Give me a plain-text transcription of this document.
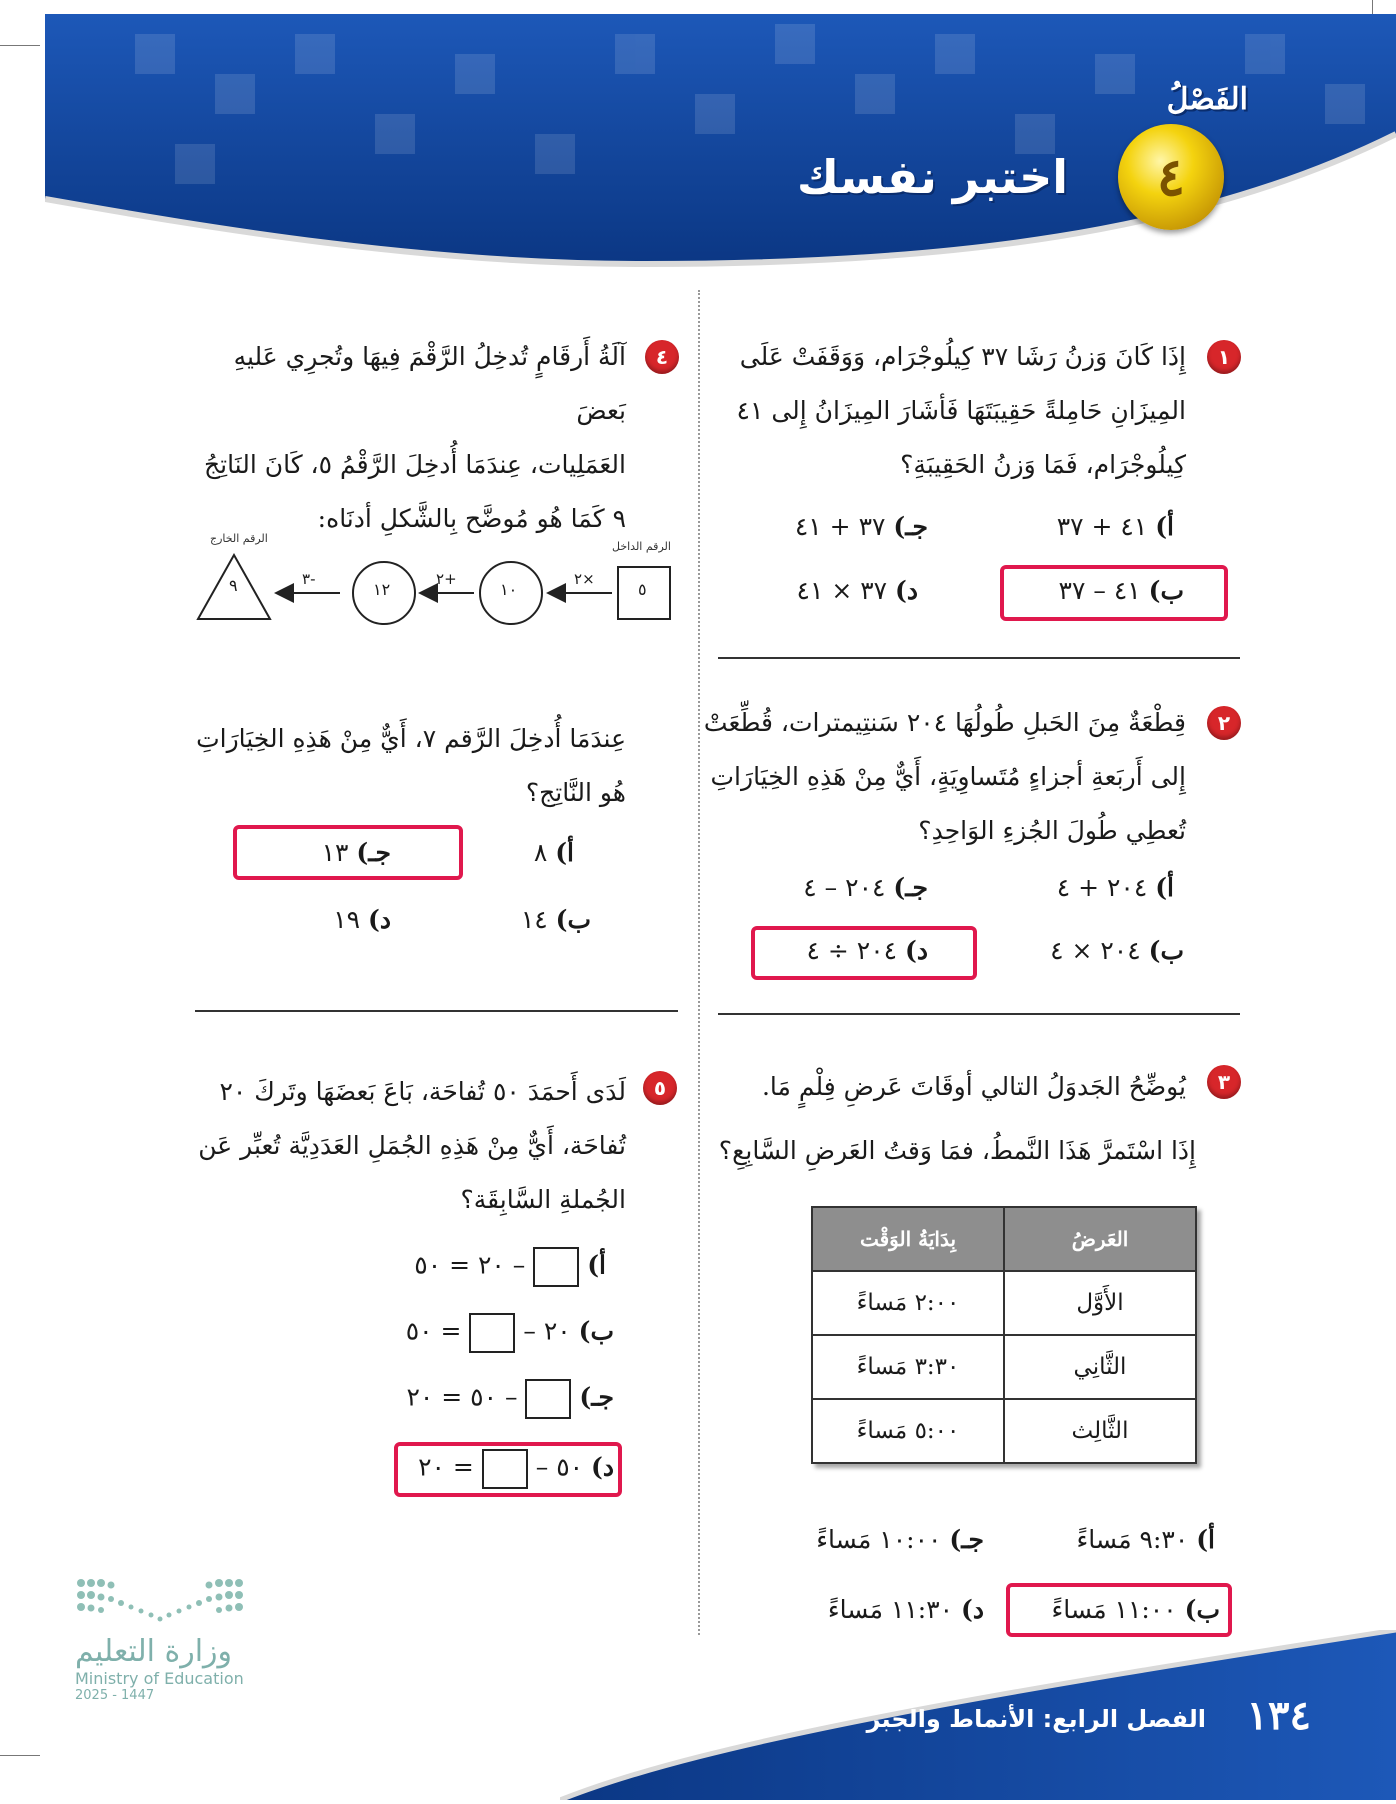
الفَصْلُ
٤
اختبر نفسك
١
إِذَا كَانَ وَزنُ رَشَا ٣٧ كِيلُوجْرَام، وَوَقَفَتْ عَلَى
المِيزَانِ حَامِلةً حَقِيبَتَهَا فَأشَارَ المِيزَانُ إِلى ٤١
كِيلُوجْرَام، فَمَا وَزنُ الحَقِيبَةِ؟
أ) ٤١ + ٣٧
جـ) ٣٧ + ٤١
ب) ٤١ – ٣٧
د) ٣٧ × ٤١
٢
قِطْعَةٌ مِنَ الحَبلِ طُولُهَا ٢٠٤ سَنتِيمترات، قُطِّعَتْ
إِلى أَربَعةِ أجزاءٍ مُتَساوِيَةٍ، أَيٌّ مِنْ هَذِهِ الخِيَارَاتِ
تُعطِي طُولَ الجُزءِ الوَاحِدِ؟
أ) ٢٠٤ + ٤
جـ) ٢٠٤ – ٤
ب) ٢٠٤ × ٤
د) ٢٠٤ ÷ ٤
٣
يُوضِّحُ الجَدوَلُ التالي أوقَاتَ عَرضِ فِلْمٍ مَا.
إِذَا اسْتَمرَّ هَذَا النَّمطُ، فمَا وَقتُ العَرضِ السَّابِعِ؟
العَرضُ	بِدَايَةُ الوَقْت
الأَوَّل	٢:٠٠ مَساءً
الثَّانِي	٣:٣٠ مَساءً
الثَّالِث	٥:٠٠ مَساءً
أ) ٩:٣٠ مَساءً
جـ) ١٠:٠٠ مَساءً
ب) ١١:٠٠ مَساءً
د) ١١:٣٠ مَساءً
٤
آلَةُ أَرقَامٍ تُدخِلُ الرَّقْمَ فِيهَا وتُجرِي عَليهِ بَعضَ
العَمَلِيات، عِندَمَا أُدخِلَ الرَّقْمُ ٥، كَانَ النَاتِجُ
٩ كَمَا هُو مُوضَّح بِالشَّكلِ أدنَاه:
الرقم الداخل
الرقم الخارج
٥
٢×
١٠
٢+
١٢
٣-
٩
عِندَمَا أُدخِلَ الرَّقم ٧، أَيٌّ مِنْ هَذِهِ الخِيَارَاتِ
هُو النَّاتِج؟
أ) ٨
جـ) ١٣
ب) ١٤
د) ١٩
٥
لَدَى أَحمَدَ ٥٠ تُفاحَة، بَاعَ بَعضَهَا وتَركَ ٢٠
تُفاحَة، أَيٌّ مِنْ هَذِهِ الجُمَلِ العَدَدِيَّة تُعبِّر عَن
الجُملةِ السَّابِقَة؟
أ)  – ٢٠ = ٥٠
ب) ٢٠ –  = ٥٠
جـ)  – ٥٠ = ٢٠
د) ٥٠ –  = ٢٠
وزارة التعليم
Ministry of Education
2025 - 1447
الفصل الرابع: الأنماط والجبر ١٣٤
